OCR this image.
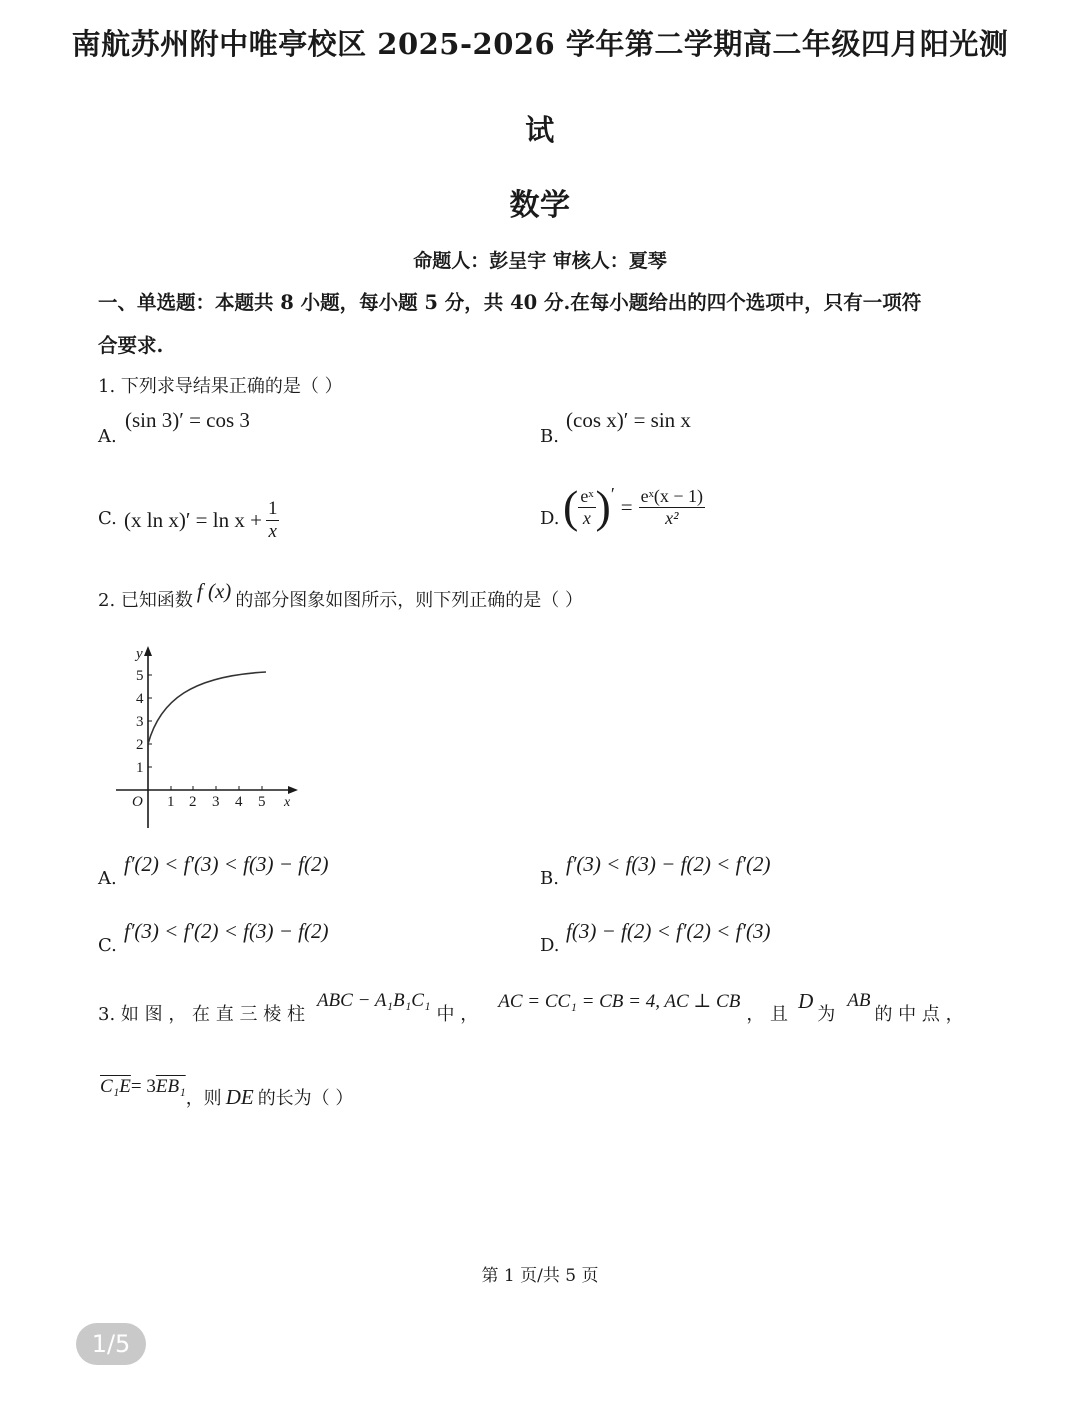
南航苏州附中唯亭校区 2025-2026 学年第二学期高二年级四月阳光测
试
数学
命题人：彭呈宇 审核人：夏琴
一、单选题：本题共 8 小题，每小题 5 分，共 40 分.在每小题给出的四个选项中，只有一项符
合要求.
1. 下列求导结果正确的是（ ）
A.
(sin 3)′ = cos 3
B.
(cos x)′ = sin x
C. (x $\ln x)' = \ln x + \frac{1}{x}$	D. ( $\frac{\text{eˣ}}{x}$ ) ′
= $\frac{\text{eˣ(x − 1)}}{\text{x²}}$
2. 已知函数 f (x) 的部分图象如图所示，则下列正确的是（ ）
y
x
O 1 2 3 4 5
1
2
3
4
5
A.
f′(2) < f′(3) < f(3) − f(2)
B.
f′(3) < f(3) − f(2) < f′(2)
C.
f′(3) < f′(2) < f(3) − f(2)
D.
f(3) − f(2) < f′(2) < f′(3)
3. 如 图 ， 在 直 三 棱 柱
ABC − A₁B₁C₁
中 ，
AC = CC₁ = CB = 4, AC ⊥ CB
， 且
D
为
AB
的 中 点 ，
C₁E = 3 EB₁
，则 DE 的长为（ ）
第 1 页/共 5 页
1/5
